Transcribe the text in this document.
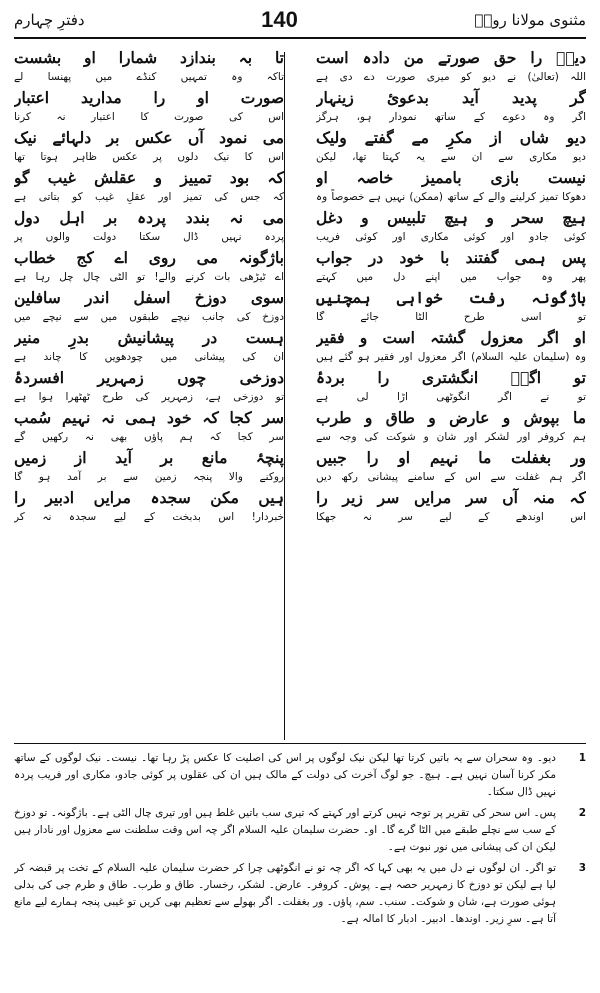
مثنوی مولانا رومؒ
140
دفترِ چہارم
دیوؔ را حق صورتے من دادہ است
اللہ (تعالیٰ) نے دیو کو میری صورت دے دی ہے
گر پدید آید بدعوئ زینہار
اگر وہ دعوے کے ساتھ نمودار ہو، ہرگز
دیو شاں از مکرِ مے گفتے ولیک
دیو مکاری سے ان سے یہ کہتا تھا، لیکن
نیست بازی باممیز خاصہ او
دھوکا تمیز کرلینے والے کے ساتھ (ممکن) نہیں ہے خصوصاً وہ
ہیچ سحر و ہیچ تلبیس و دغل
کوئی جادو اور کوئی مکاری اور کوئی فریب
پس ہمی گفتند با خود در جواب
پھر وہ جواب میں اپنے دل میں کہتے
باژگونہ رفت خواہی ہمچنیں
تو اسی طرح الٹا جائے گا
او اگر معزول گشتہ است و فقیر
وہ (سلیمان علیہ السلام) اگر معزول اور فقیر ہو گئے ہیں
تو اگرؔ انگشتری را بردۂ
تو نے اگر انگوٹھی اڑا لی ہے
ما بپوش و عارض و طاق و طرب
ہم کروفر اور لشکر اور شان و شوکت کی وجہ سے
ور بغفلت ما نہیم او را جبیں
اگر ہم غفلت سے اس کے سامنے پیشانی رکھ دیں
کہ منہ آں سر مرایں سر زیر را
اس اوندھے کے لیے سر نہ جھکا
تا بہ بندازد شمارا او بشست
تاکہ وہ تمہیں کنڈے میں پھنسا لے
صورت او را مدارید اعتبار
اس کی صورت کا اعتبار نہ کرنا
می نمود آں عکس بر دلہائے نیک
اس کا نیک دلوں پر عکس ظاہر ہوتا تھا
کہ بود تمییز و عقلش غیب گو
کہ جس کی تمیز اور عقلِ غیب کو بتاتی ہے
می نہ بندد پردہ بر اہل دول
پردہ نہیں ڈال سکتا دولت والوں پر
باژگونہ می روی اے کج خطاب
اے ٹیڑھی بات کرنے والے! تو الٹی چال چل رہا ہے
سوی دوزخ اسفل اندر سافلین
دوزخ کی جانب نیچے طبقوں میں سے نیچے میں
ہست در پیشانیش بدرِ منیر
ان کی پیشانی میں چودھویں کا چاند ہے
دوزخی چوں زمہریر افسردۂ
تو دوزخی ہے، زمہریر کی طرح ٹھٹھرا ہوا ہے
سر کجا کہ خود ہمی نہ نہیم سُمب
سر کجا کہ ہم پاؤں بھی نہ رکھیں گے
پنچۂ مانع بر آید از زمیں
روکنے والا پنجہ زمین سے بر آمد ہو گا
ہیں مکن سجدہ مرایں ادبیر را
خبردار! اس بدبخت کے لیے سجدہ نہ کر
1
دیو۔ وہ سحران سے یہ باتیں کرتا تھا لیکن نیک لوگوں پر اس کی اصلیت کا عکس پڑ رہا تھا۔ نیست۔ نیک لوگوں کے ساتھ مکر کرنا آسان نہیں ہے۔ ہیچ۔ جو لوگ آخرت کی دولت کے مالک ہیں ان کی عقلوں پر کوئی جادو، مکاری اور فریب پردہ نہیں ڈال سکتا۔
2
پس۔ اس سحر کی تقریر پر توجہ نہیں کرتے اور کہتے کہ تیری سب باتیں غلط ہیں اور تیری چال الٹی ہے۔ باژگونہ۔ تو دوزخ کے سب سے نچلے طبقے میں الٹا گرے گا۔ او۔ حضرت سلیمان علیہ السلام اگر چہ اس وقت سلطنت سے معزول اور نادار ہیں لیکن ان کی پیشانی میں نور نبوت ہے۔
3
تو اگر۔ ان لوگوں نے دل میں یہ بھی کہا کہ اگر چہ تو نے انگوٹھی چرا کر حضرت سلیمان علیہ السلام کے تخت پر قبضہ کر لیا ہے لیکن تو دوزخ کا زمہریر حصہ ہے۔ پوش۔ کروفر۔ عارض۔ لشکر، رخسار۔ طاق و طرب۔ طاق و طرم جی کی بدلی ہوئی صورت ہے، شان و شوکت۔ سنب۔ سم، پاؤں۔ ور بغفلت۔ اگر بھولے سے تعظیم بھی کریں تو غیبی پنجہ ہمارے لیے مانع آتا ہے۔ سرِ زیر۔ اوندھا۔ ادبیر۔ ادبار کا امالہ ہے۔
